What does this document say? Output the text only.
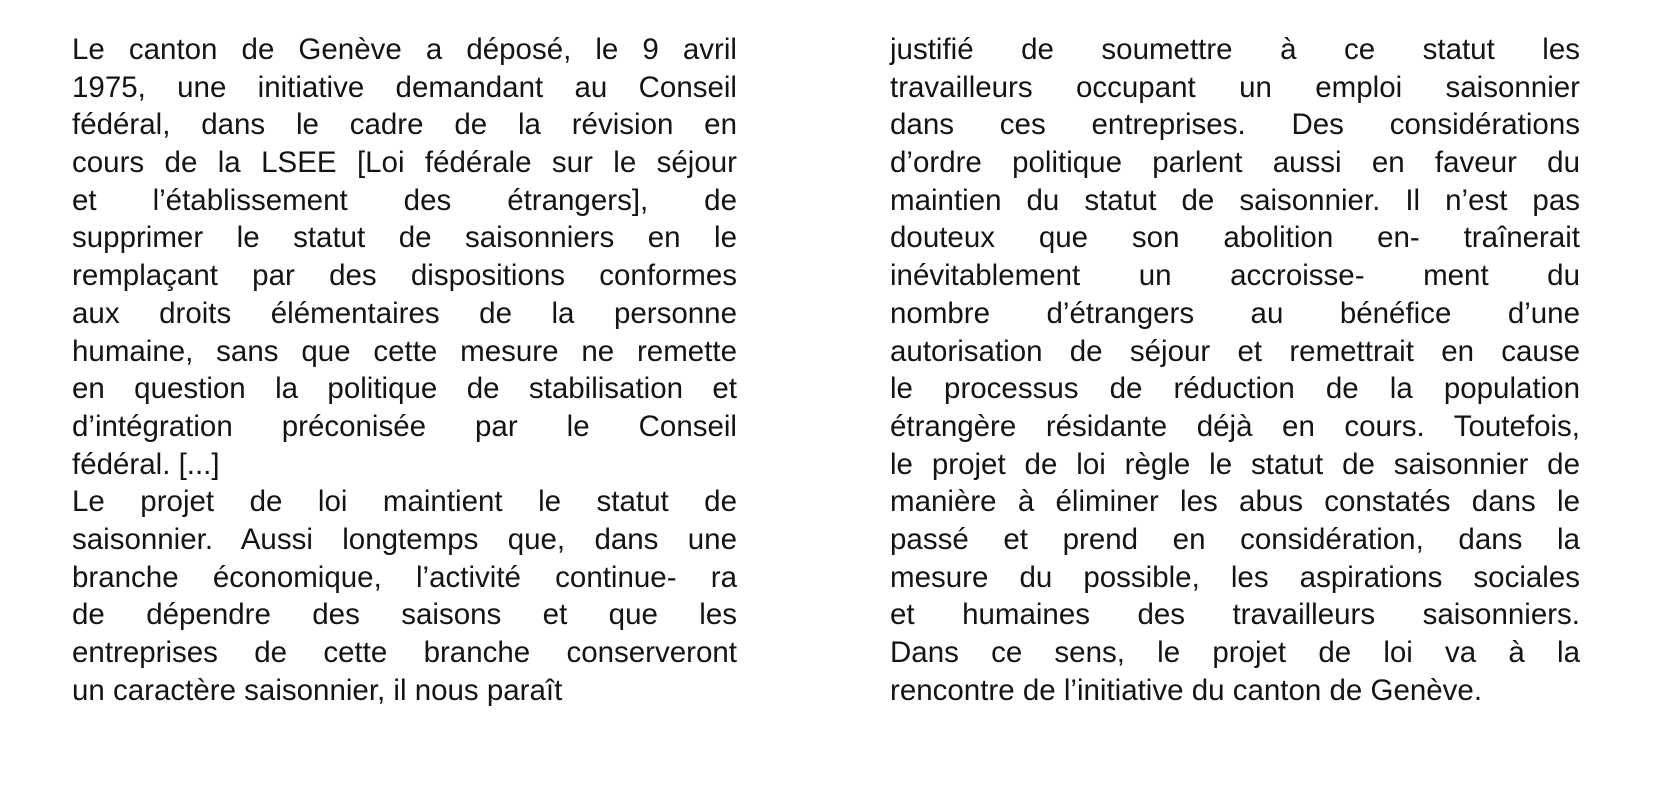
Le canton de Genève a déposé, le 9 avril
1975, une initiative demandant au Conseil
fédéral, dans le cadre de la révision en
cours de la LSEE [Loi fédérale sur le séjour
et l’établissement des étrangers], de
supprimer le statut de saisonniers en le
remplaçant par des dispositions conformes
aux droits élémentaires de la personne
humaine, sans que cette mesure ne remette
en question la politique de stabilisation et
d’intégration préconisée par le Conseil
fédéral. [...]
Le projet de loi maintient le statut de
saisonnier. Aussi longtemps que, dans une
branche économique, l’activité continue- ra
de dépendre des saisons et que les
entreprises de cette branche conserveront
un caractère saisonnier, il nous paraît
justifié de soumettre à ce statut les
travailleurs occupant un emploi saisonnier
dans ces entreprises. Des considérations
d’ordre politique parlent aussi en faveur du
maintien du statut de saisonnier. Il n’est pas
douteux que son abolition en- traînerait
inévitablement un accroisse- ment du
nombre d’étrangers au bénéfice d’une
autorisation de séjour et remettrait en cause
le processus de réduction de la population
étrangère résidante déjà en cours. Toutefois,
le projet de loi règle le statut de saisonnier de
manière à éliminer les abus constatés dans le
passé et prend en considération, dans la
mesure du possible, les aspirations sociales
et humaines des travailleurs saisonniers.
Dans ce sens, le projet de loi va à la
rencontre de l’initiative du canton de Genève.
